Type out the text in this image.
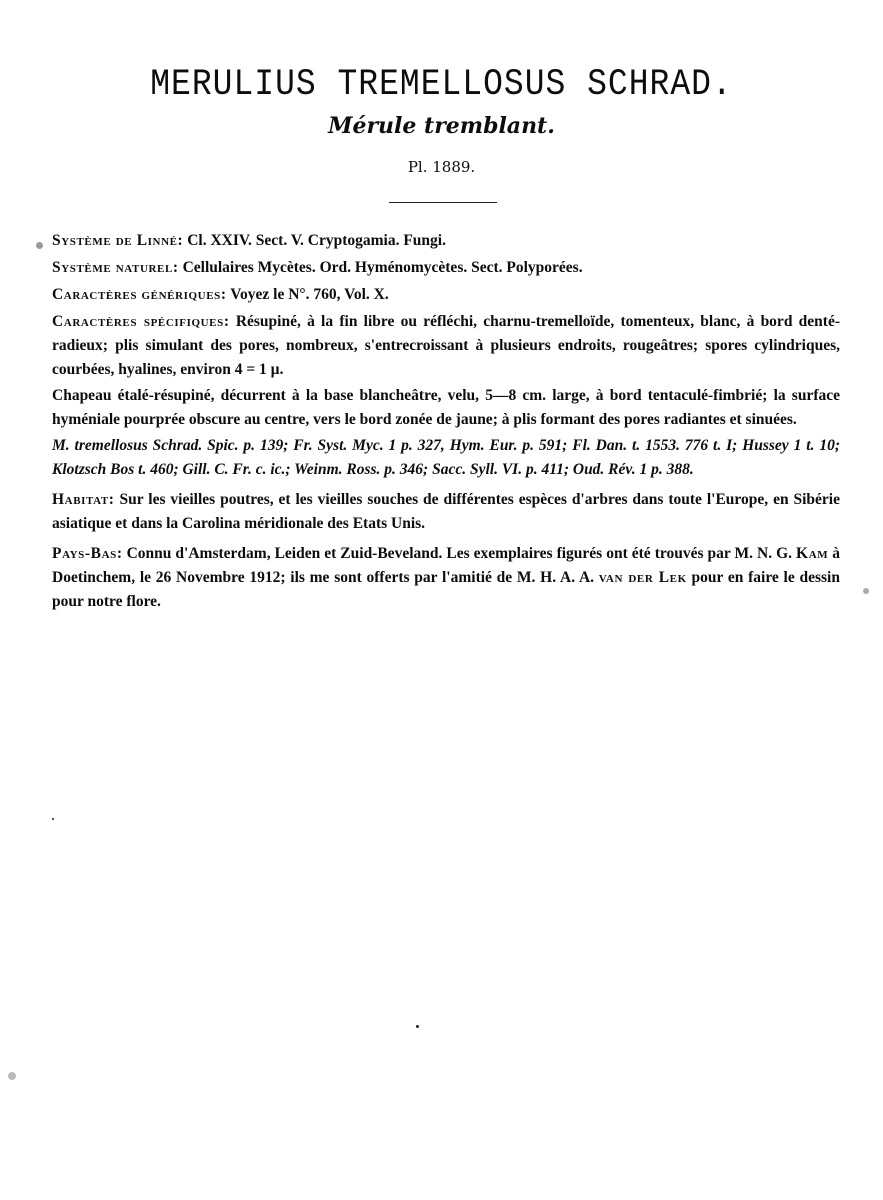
MERULIUS TREMELLOSUS SCHRAD.
Mérule tremblant.
Pl. 1889.

Système de Linné: Cl. XXIV. Sect. V. Cryptogamia. Fungi.

Système naturel: Cellulaires Mycètes. Ord. Hyménomycètes. Sect. Polyporées.

Caractères génériques: Voyez le N°. 760, Vol. X.

Caractères spécifiques: Résupiné, à la fin libre ou réfléchi, charnu-tremelloïde, tomenteux, blanc, à bord denté-radieux; plis simulant des pores, nombreux, s'entrecroissant à plusieurs endroits, rougeâtres; spores cylindriques, courbées, hyalines, environ 4 = 1 µ.

Chapeau étalé-résupiné, décurrent à la base blancheâtre, velu, 5—8 cm. large, à bord tentaculé-fimbrié; la surface hyméniale pourprée obscure au centre, vers le bord zonée de jaune; à plis formant des pores radiantes et sinuées.

M. tremellosus Schrad. Spic. p. 139; Fr. Syst. Myc. 1 p. 327, Hym. Eur. p. 591; Fl. Dan. t. 1553. 776 t. I; Hussey 1 t. 10; Klotzsch Bos t. 460; Gill. C. Fr. c. ic.; Weinm. Ross. p. 346; Sacc. Syll. VI. p. 411; Oud. Rév. 1 p. 388.

Habitat: Sur les vieilles poutres, et les vieilles souches de différentes espèces d'arbres dans toute l'Europe, en Sibérie asiatique et dans la Carolina méridionale des Etats Unis.

Pays-Bas: Connu d'Amsterdam, Leiden et Zuid-Beveland. Les exemplaires figurés ont été trouvés par M. N. G. Kam à Doetinchem, le 26 Novembre 1912; ils me sont offerts par l'amitié de M. H. A. A. van der Lek pour en faire le dessin pour notre flore.
